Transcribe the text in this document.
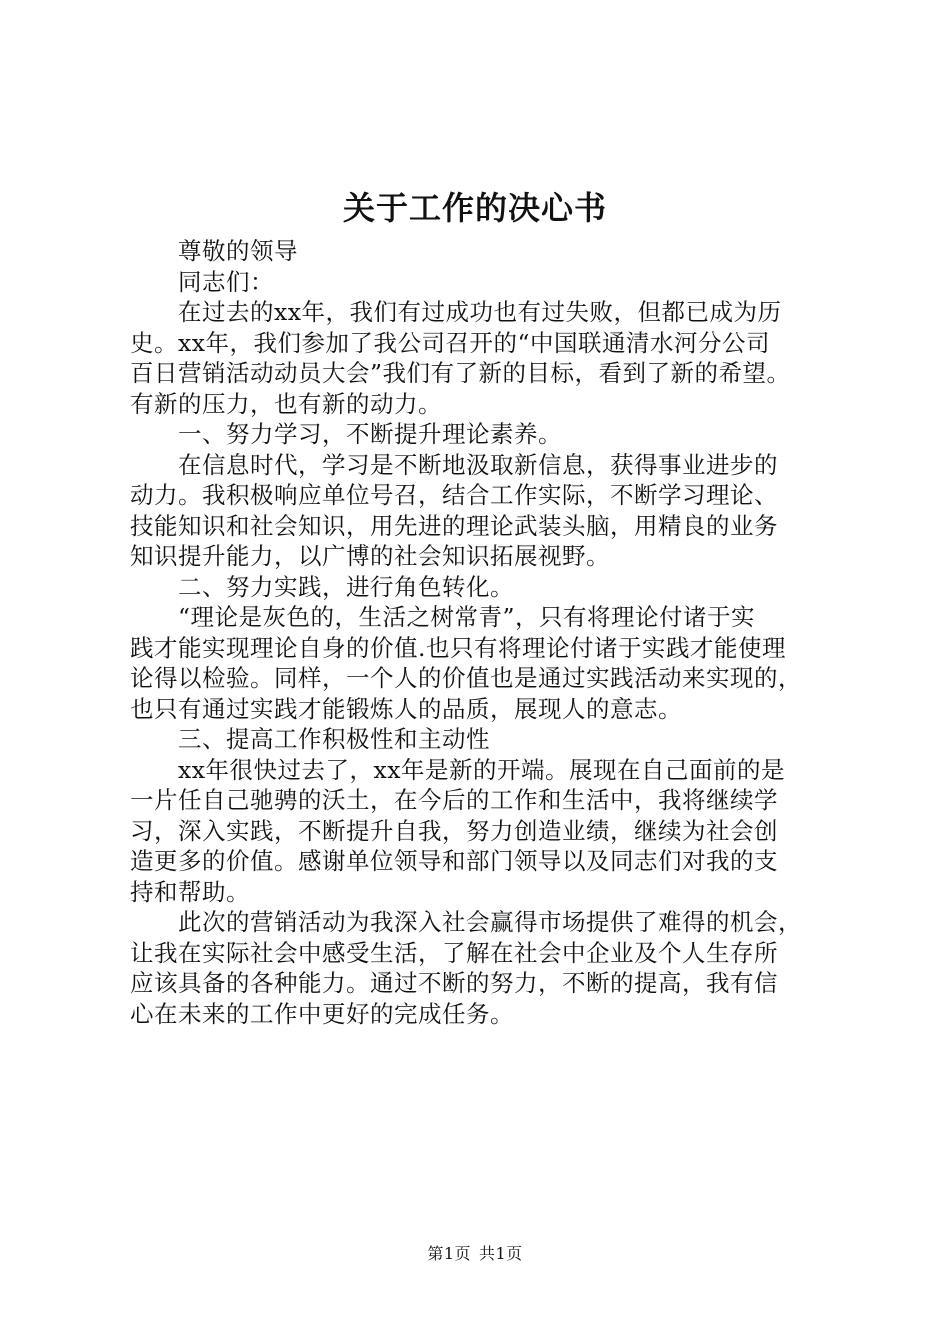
关于工作的决心书
尊敬的领导
同志们：
在过去的xx年，我们有过成功也有过失败，但都已成为历
史。xx年，我们参加了我公司召开的“中国联通清水河分公司
百日营销活动动员大会”我们有了新的目标，看到了新的希望。
有新的压力，也有新的动力。
一、努力学习，不断提升理论素养。
在信息时代，学习是不断地汲取新信息，获得事业进步的
动力。我积极响应单位号召，结合工作实际，不断学习理论、
技能知识和社会知识，用先进的理论武装头脑，用精良的业务
知识提升能力，以广博的社会知识拓展视野。
二、努力实践，进行角色转化。
“理论是灰色的，生活之树常青”，只有将理论付诸于实
践才能实现理论自身的价值.也只有将理论付诸于实践才能使理
论得以检验。同样，一个人的价值也是通过实践活动来实现的，
也只有通过实践才能锻炼人的品质，展现人的意志。
三、提高工作积极性和主动性
xx年很快过去了，xx年是新的开端。展现在自己面前的是
一片任自己驰骋的沃土，在今后的工作和生活中，我将继续学
习，深入实践，不断提升自我，努力创造业绩，继续为社会创
造更多的价值。感谢单位领导和部门领导以及同志们对我的支
持和帮助。
此次的营销活动为我深入社会赢得市场提供了难得的机会，
让我在实际社会中感受生活，了解在社会中企业及个人生存所
应该具备的各种能力。通过不断的努力，不断的提高，我有信
心在未来的工作中更好的完成任务。
第1页 共1页
